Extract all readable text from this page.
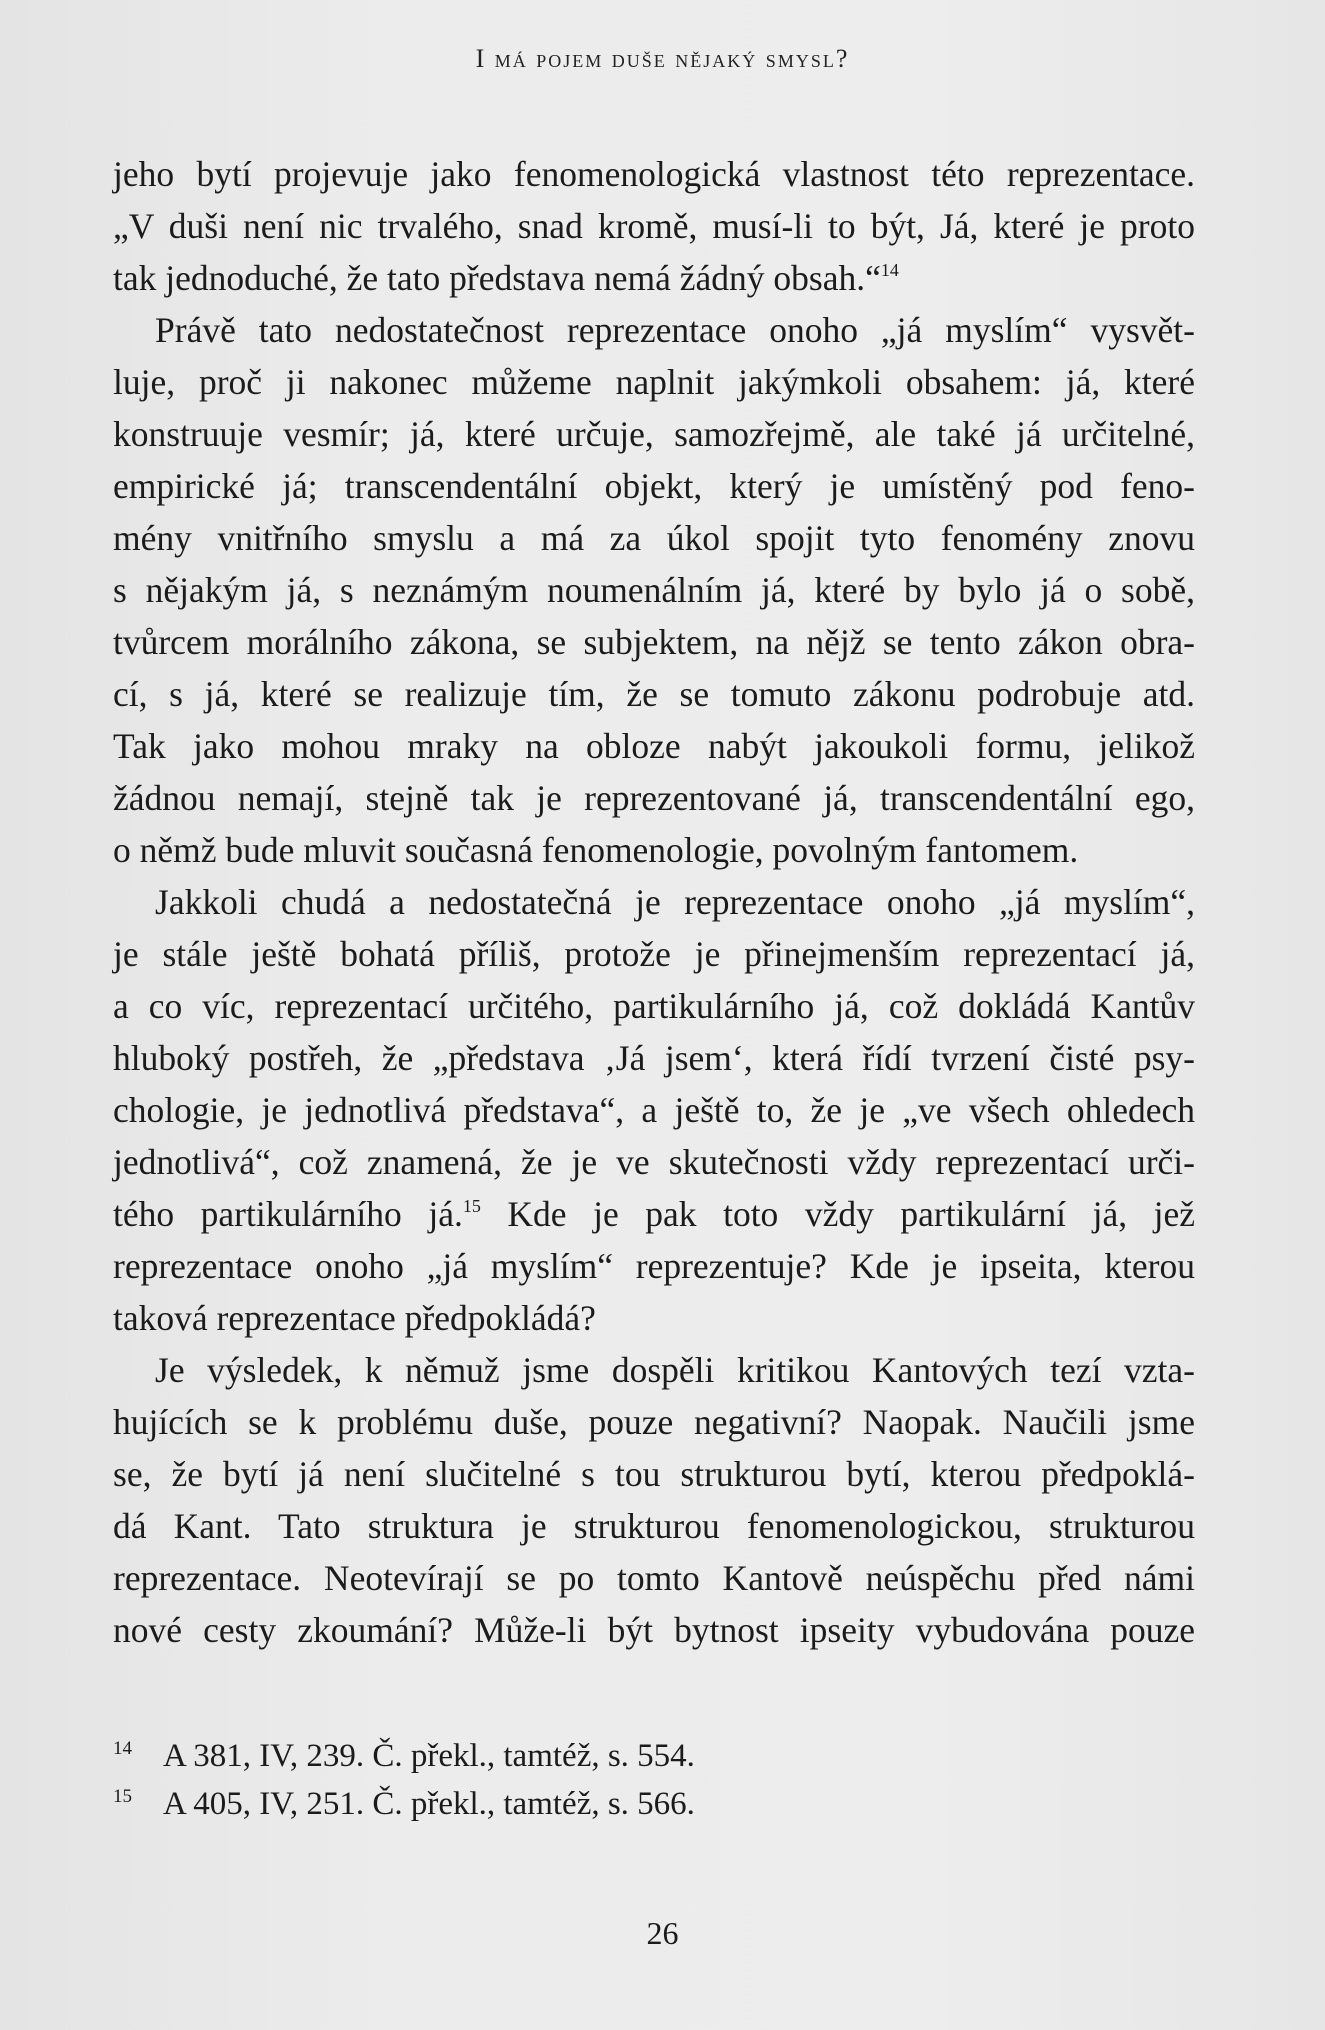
I má pojem duše nějaký smysl?
jeho bytí projevuje jako fenomenologická vlastnost této reprezentace.
„V duši není nic trvalého, snad kromě, musí-li to být, Já, které je proto
tak jednoduché, že tato představa nemá žádný obsah.“$^{14}$
Právě tato nedostatečnost reprezentace onoho „já myslím“ vysvět-
luje, proč ji nakonec můžeme naplnit jakýmkoli obsahem: já, které
konstruuje vesmír; já, které určuje, samozřejmě, ale také já určitelné,
empirické já; transcendentální objekt, který je umístěný pod feno-
mény vnitřního smyslu a má za úkol spojit tyto fenomény znovu
s nějakým já, s neznámým noumenálním já, které by bylo já o sobě,
tvůrcem morálního zákona, se subjektem, na nějž se tento zákon obra-
cí, s já, které se realizuje tím, že se tomuto zákonu podrobuje atd.
Tak jako mohou mraky na obloze nabýt jakoukoli formu, jelikož
žádnou nemají, stejně tak je reprezentované já, transcendentální ego,
o němž bude mluvit současná fenomenologie, povolným fantomem.
Jakkoli chudá a nedostatečná je reprezentace onoho „já myslím“,
je stále ještě bohatá příliš, protože je přinejmenším reprezentací já,
a co víc, reprezentací určitého, partikulárního já, což dokládá Kantův
hluboký postřeh, že „představa ‚Já jsem‘, která řídí tvrzení čisté psy-
chologie, je jednotlivá představa“, a ještě to, že je „ve všech ohledech
jednotlivá“, což znamená, že je ve skutečnosti vždy reprezentací urči-
tého partikulárního já.$^{15}$ Kde je pak toto vždy partikulární já, jež
reprezentace onoho „já myslím“ reprezentuje? Kde je ipseita, kterou
taková reprezentace předpokládá?
Je výsledek, k němuž jsme dospěli kritikou Kantových tezí vzta-
hujících se k problému duše, pouze negativní? Naopak. Naučili jsme
se, že bytí já není slučitelné s tou strukturou bytí, kterou předpoklá-
dá Kant. Tato struktura je strukturou fenomenologickou, strukturou
reprezentace. Neotevírají se po tomto Kantově neúspěchu před námi
nové cesty zkoumání? Může-li být bytnost ipseity vybudována pouze
14 A 381, IV, 239. Č. překl., tamtéž, s. 554.
15 A 405, IV, 251. Č. překl., tamtéž, s. 566.
26
